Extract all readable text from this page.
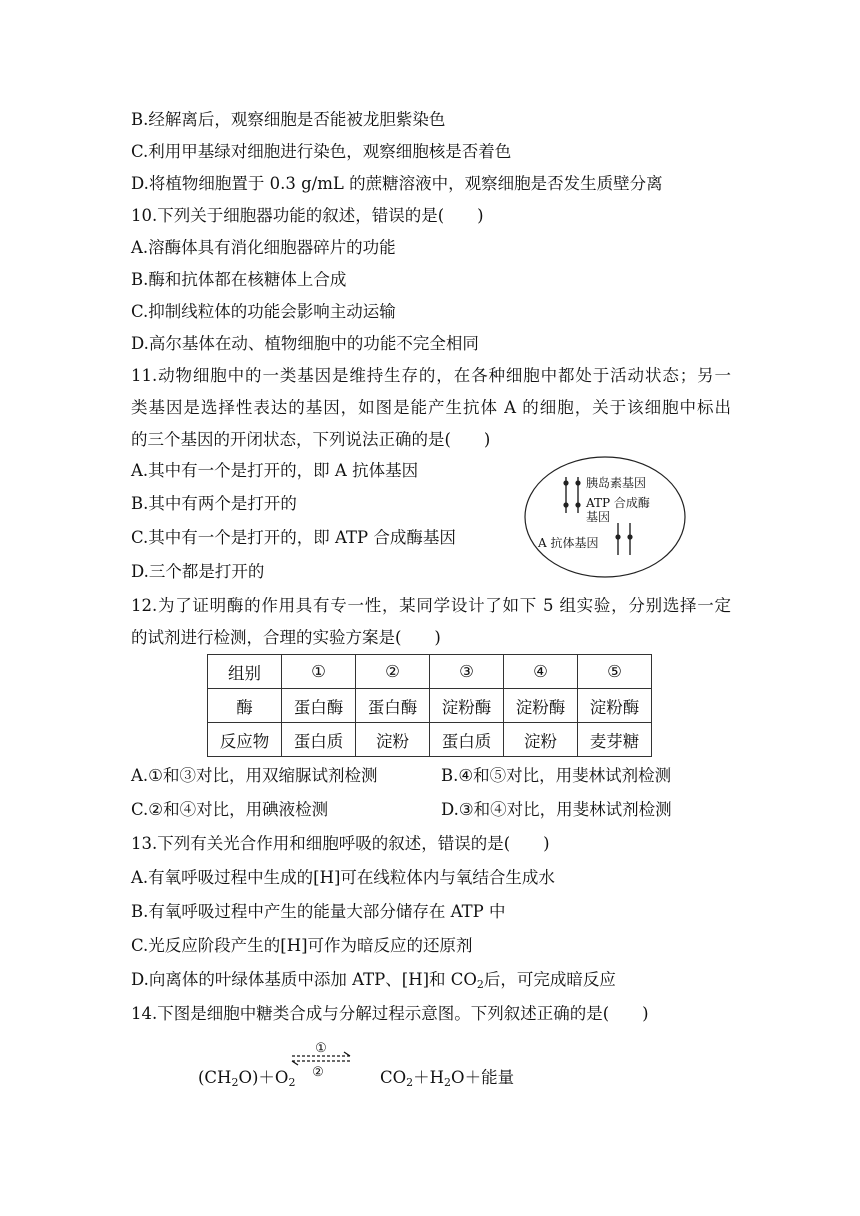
B.经解离后，观察细胞是否能被龙胆紫染色
C.利用甲基绿对细胞进行染色，观察细胞核是否着色
D.将植物细胞置于 0.3 g/mL 的蔗糖溶液中，观察细胞是否发生质壁分离
10.下列关于细胞器功能的叙述，错误的是(　　)
A.溶酶体具有消化细胞器碎片的功能
B.酶和抗体都在核糖体上合成
C.抑制线粒体的功能会影响主动运输
D.高尔基体在动、植物细胞中的功能不完全相同
11.动物细胞中的一类基因是维持生存的，在各种细胞中都处于活动状态；另一
类基因是选择性表达的基因，如图是能产生抗体 A 的细胞，关于该细胞中标出
的三个基因的开闭状态，下列说法正确的是(　　)
A.其中有一个是打开的，即 A 抗体基因
B.其中有两个是打开的
C.其中有一个是打开的，即 ATP 合成酶基因
D.三个都是打开的
胰岛素基因
ATP 合成酶
基因
A 抗体基因
12.为了证明酶的作用具有专一性，某同学设计了如下 5 组实验，分别选择一定
的试剂进行检测，合理的实验方案是(　　)
组别	①	②	③	④	⑤
酶	蛋白酶	蛋白酶	淀粉酶	淀粉酶	淀粉酶
反应物	蛋白质	淀粉	蛋白质	淀粉	麦芽糖
A.①和③对比，用双缩脲试剂检测	B.④和⑤对比，用斐林试剂检测
C.②和④对比，用碘液检测	D.③和④对比，用斐林试剂检测
13.下列有关光合作用和细胞呼吸的叙述，错误的是(　　)
A.有氧呼吸过程中生成的[H]可在线粒体内与氧结合生成水
B.有氧呼吸过程中产生的能量大部分储存在 ATP 中
C.光反应阶段产生的[H]可作为暗反应的还原剂
D.向离体的叶绿体基质中添加 ATP、[H]和 $CO_2$后，可完成暗反应
14.下图是细胞中糖类合成与分解过程示意图。下列叙述正确的是(　　)
$(CH_2O)+O_2$
①
②	$CO_2+H_2O+$能量
